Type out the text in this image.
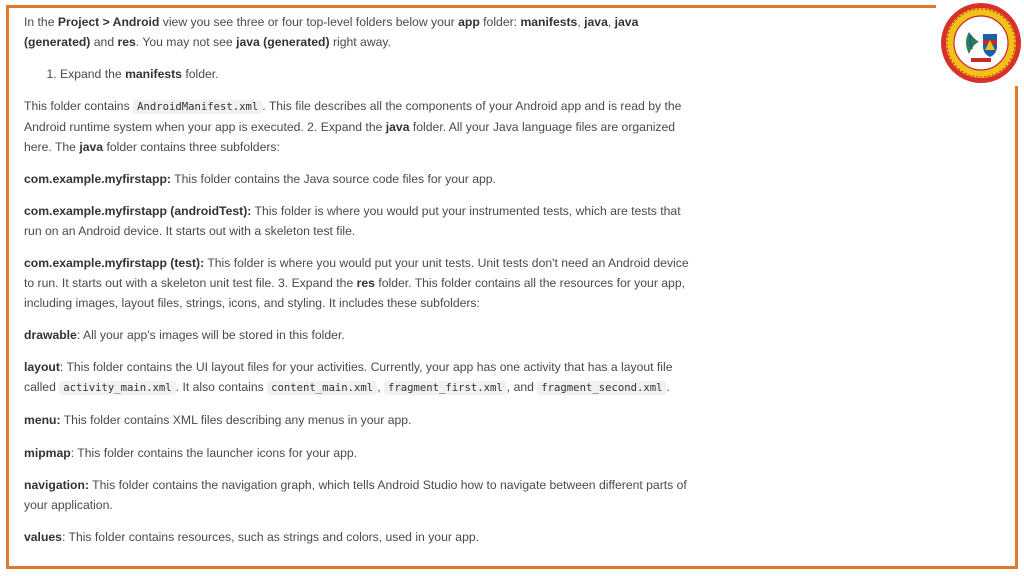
In the Project > Android view you see three or four top-level folders below your app folder: manifests, java, java (generated) and res. You may not see java (generated) right away.

1. Expand the manifests folder.

This folder contains AndroidManifest.xml . This file describes all the components of your Android app and is read by the Android runtime system when your app is executed. 2. Expand the java folder. All your Java language files are organized here. The java folder contains three subfolders:

com.example.myfirstapp: This folder contains the Java source code files for your app.

com.example.myfirstapp (androidTest): This folder is where you would put your instrumented tests, which are tests that run on an Android device. It starts out with a skeleton test file.

com.example.myfirstapp (test): This folder is where you would put your unit tests. Unit tests don't need an Android device to run. It starts out with a skeleton unit test file. 3. Expand the res folder. This folder contains all the resources for your app, including images, layout files, strings, icons, and styling. It includes these subfolders:

drawable: All your app's images will be stored in this folder.

layout: This folder contains the UI layout files for your activities. Currently, your app has one activity that has a layout file called activity_main.xml . It also contains content_main.xml , fragment_first.xml , and fragment_second.xml .

menu: This folder contains XML files describing any menus in your app.

mipmap: This folder contains the launcher icons for your app.

navigation: This folder contains the navigation graph, which tells Android Studio how to navigate between different parts of your application.

values: This folder contains resources, such as strings and colors, used in your app.
